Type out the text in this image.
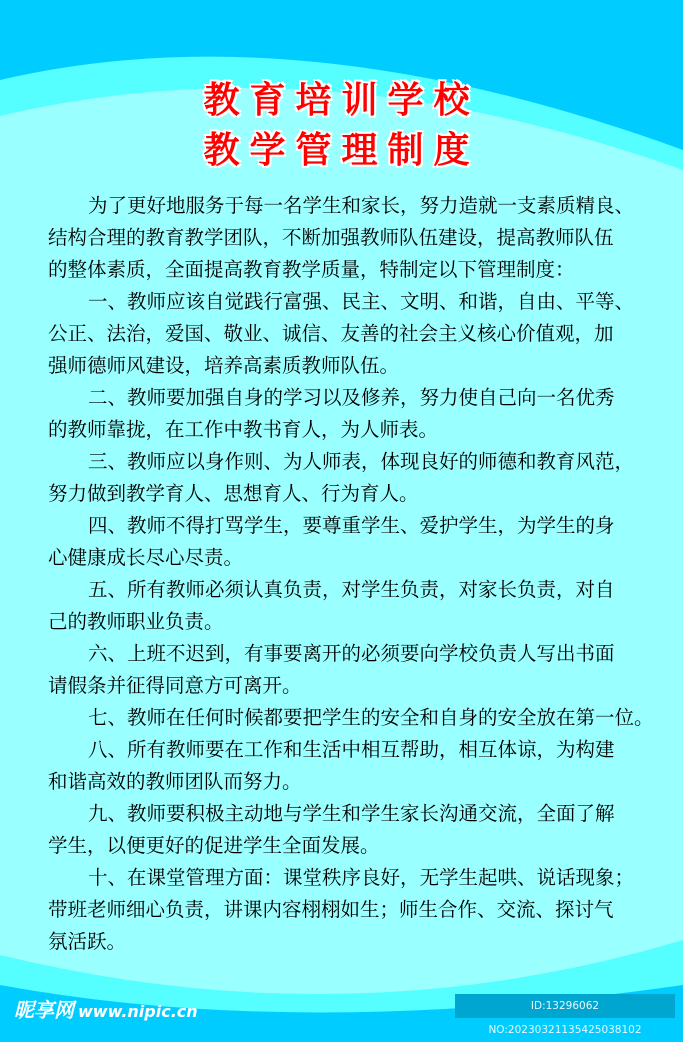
教育培训学校
教学管理制度
为了更好地服务于每一名学生和家长，努力造就一支素质精良、
结构合理的教育教学团队，不断加强教师队伍建设，提高教师队伍
的整体素质，全面提高教育教学质量，特制定以下管理制度：
一、教师应该自觉践行富强、民主、文明、和谐，自由、平等、
公正、法治，爱国、敬业、诚信、友善的社会主义核心价值观，加
强师德师风建设，培养高素质教师队伍。
二、教师要加强自身的学习以及修养，努力使自己向一名优秀
的教师靠拢，在工作中教书育人，为人师表。
三、教师应以身作则、为人师表，体现良好的师德和教育风范，
努力做到教学育人、思想育人、行为育人。
四、教师不得打骂学生，要尊重学生、爱护学生，为学生的身
心健康成长尽心尽责。
五、所有教师必须认真负责，对学生负责，对家长负责，对自
己的教师职业负责。
六、上班不迟到，有事要离开的必须要向学校负责人写出书面
请假条并征得同意方可离开。
七、教师在任何时候都要把学生的安全和自身的安全放在第一位。
八、所有教师要在工作和生活中相互帮助，相互体谅，为构建
和谐高效的教师团队而努力。
九、教师要积极主动地与学生和学生家长沟通交流，全面了解
学生，以便更好的促进学生全面发展。
十、在课堂管理方面：课堂秩序良好，无学生起哄、说话现象；
带班老师细心负责，讲课内容栩栩如生；师生合作、交流、探讨气
氛活跃。
昵享网 www.nipic.cn	ID:13296062 NO:20230321135425038102
